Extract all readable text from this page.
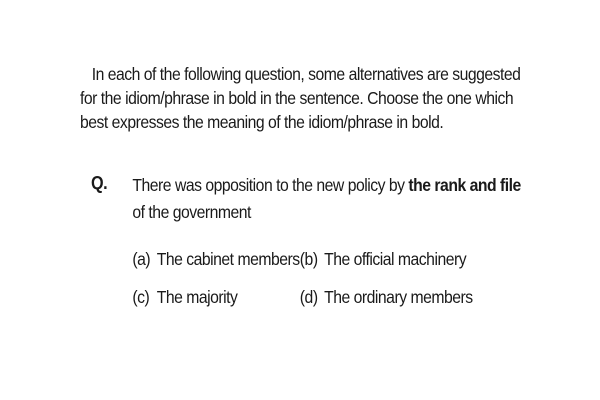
In each of the following question, some alternatives are suggested
for the idiom/phrase in bold in the sentence. Choose the one which
best expresses the meaning of the idiom/phrase in bold.
Q. There was opposition to the new policy by the rank and file
of the government
(a) The cabinet members (b) The official machinery
(c) The majority	(d) The ordinary members
